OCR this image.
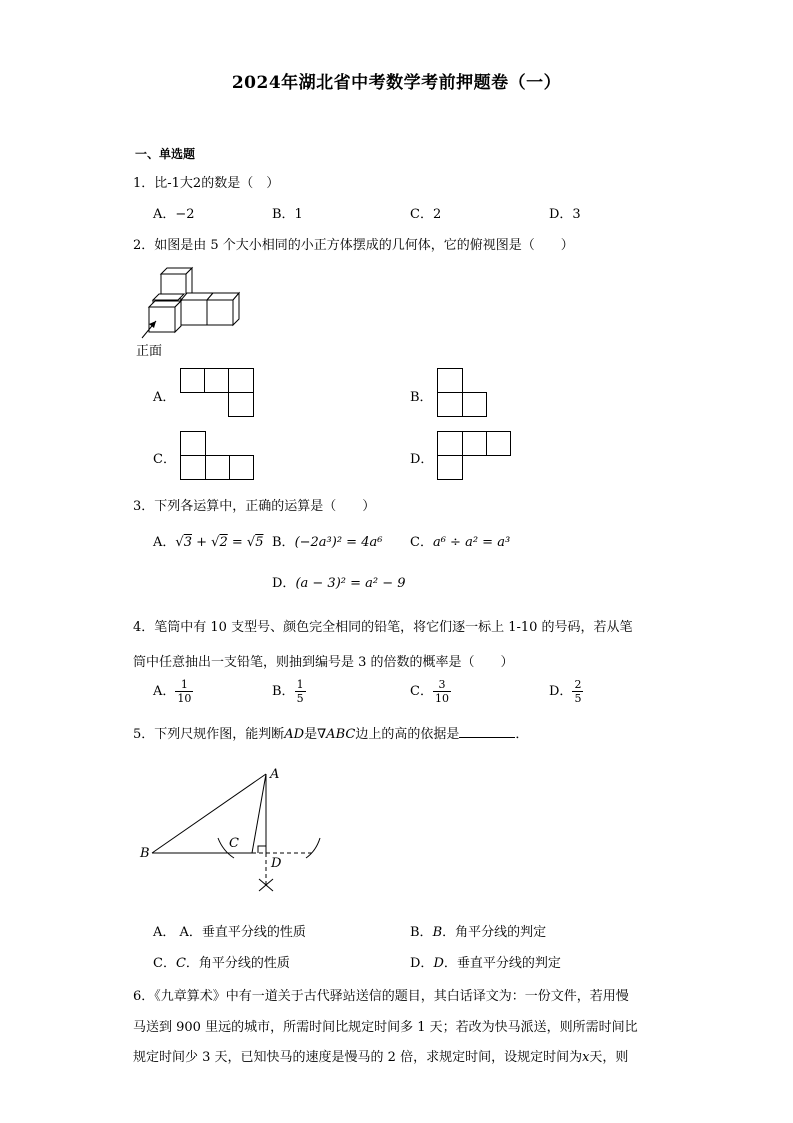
2024年湖北省中考数学考前押题卷（一）
一、单选题
1．比-1大2的数是（　）
A．−2	B．1	C．2	D．3
2．如图是由 5 个大小相同的小正方体摆成的几何体，它的俯视图是（　　）
正面
A．	B．
C．	D．
3．下列各运算中，正确的运算是（　　）
A．√3 + √2 = √5 B．(−2a³)² = 4a⁶ C．a⁶ ÷ a² = a³
D．(a − 3)² = a² − 9
4．笔筒中有 10 支型号、颜色完全相同的铅笔，将它们逐一标上 1-10 的号码，若从笔
筒中任意抽出一支铅笔，则抽到编号是 3 的倍数的概率是（　　）
A． $\frac{1}{10}$	B． $\frac{1}{5}$	C． $\frac{3}{10}$	D． $\frac{2}{5}$
5．下列尺规作图，能判断AD是∇ABC边上的高的依据是	．
A
B
C
D
A． A．垂直平分线的性质	B．B．角平分线的判定
C．C．角平分线的性质	D．D．垂直平分线的判定
6．《九章算术》中有一道关于古代驿站送信的题目，其白话译文为：一份文件，若用慢
马送到 900 里远的城市，所需时间比规定时间多 1 天；若改为快马派送，则所需时间比
规定时间少 3 天，已知快马的速度是慢马的 2 倍，求规定时间，设规定时间为x天，则
